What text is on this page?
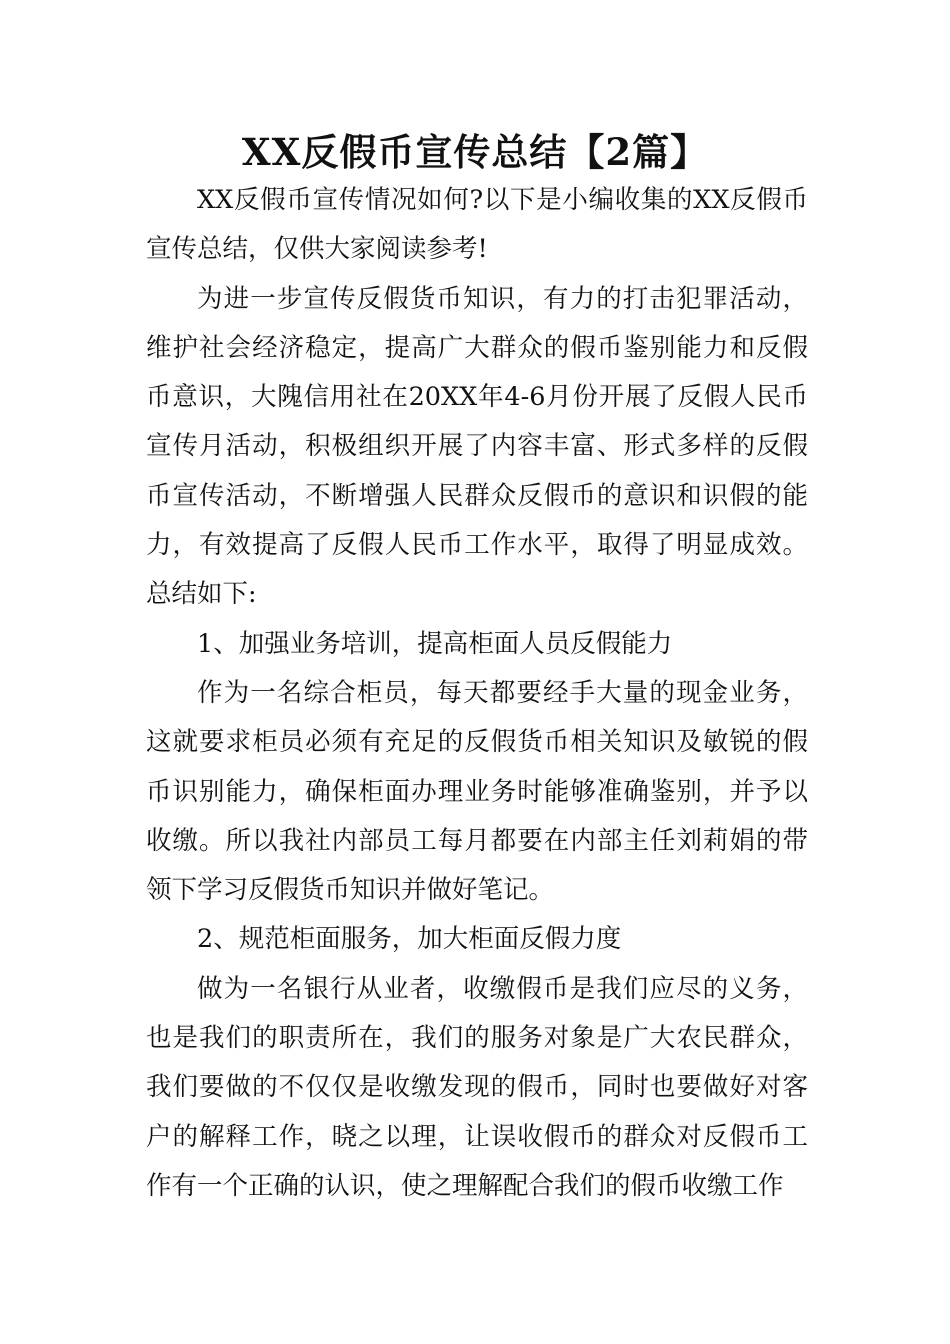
XX反假币宣传总结【2篇】

XX反假币宣传情况如何?以下是小编收集的XX反假币宣传总结，仅供大家阅读参考!

为进一步宣传反假货币知识，有力的打击犯罪活动，维护社会经济稳定，提高广大群众的假币鉴别能力和反假币意识，大隗信用社在20XX年4-6月份开展了反假人民币宣传月活动，积极组织开展了内容丰富、形式多样的反假币宣传活动，不断增强人民群众反假币的意识和识假的能力，有效提高了反假人民币工作水平，取得了明显成效。总结如下:

1、加强业务培训，提高柜面人员反假能力

作为一名综合柜员，每天都要经手大量的现金业务，这就要求柜员必须有充足的反假货币相关知识及敏锐的假币识别能力，确保柜面办理业务时能够准确鉴别，并予以收缴。所以我社内部员工每月都要在内部主任刘莉娟的带领下学习反假货币知识并做好笔记。

2、规范柜面服务，加大柜面反假力度

做为一名银行从业者，收缴假币是我们应尽的义务，也是我们的职责所在，我们的服务对象是广大农民群众，我们要做的不仅仅是收缴发现的假币，同时也要做好对客户的解释工作，晓之以理，让误收假币的群众对反假币工作有一个正确的认识，使之理解配合我们的假币收缴工作
